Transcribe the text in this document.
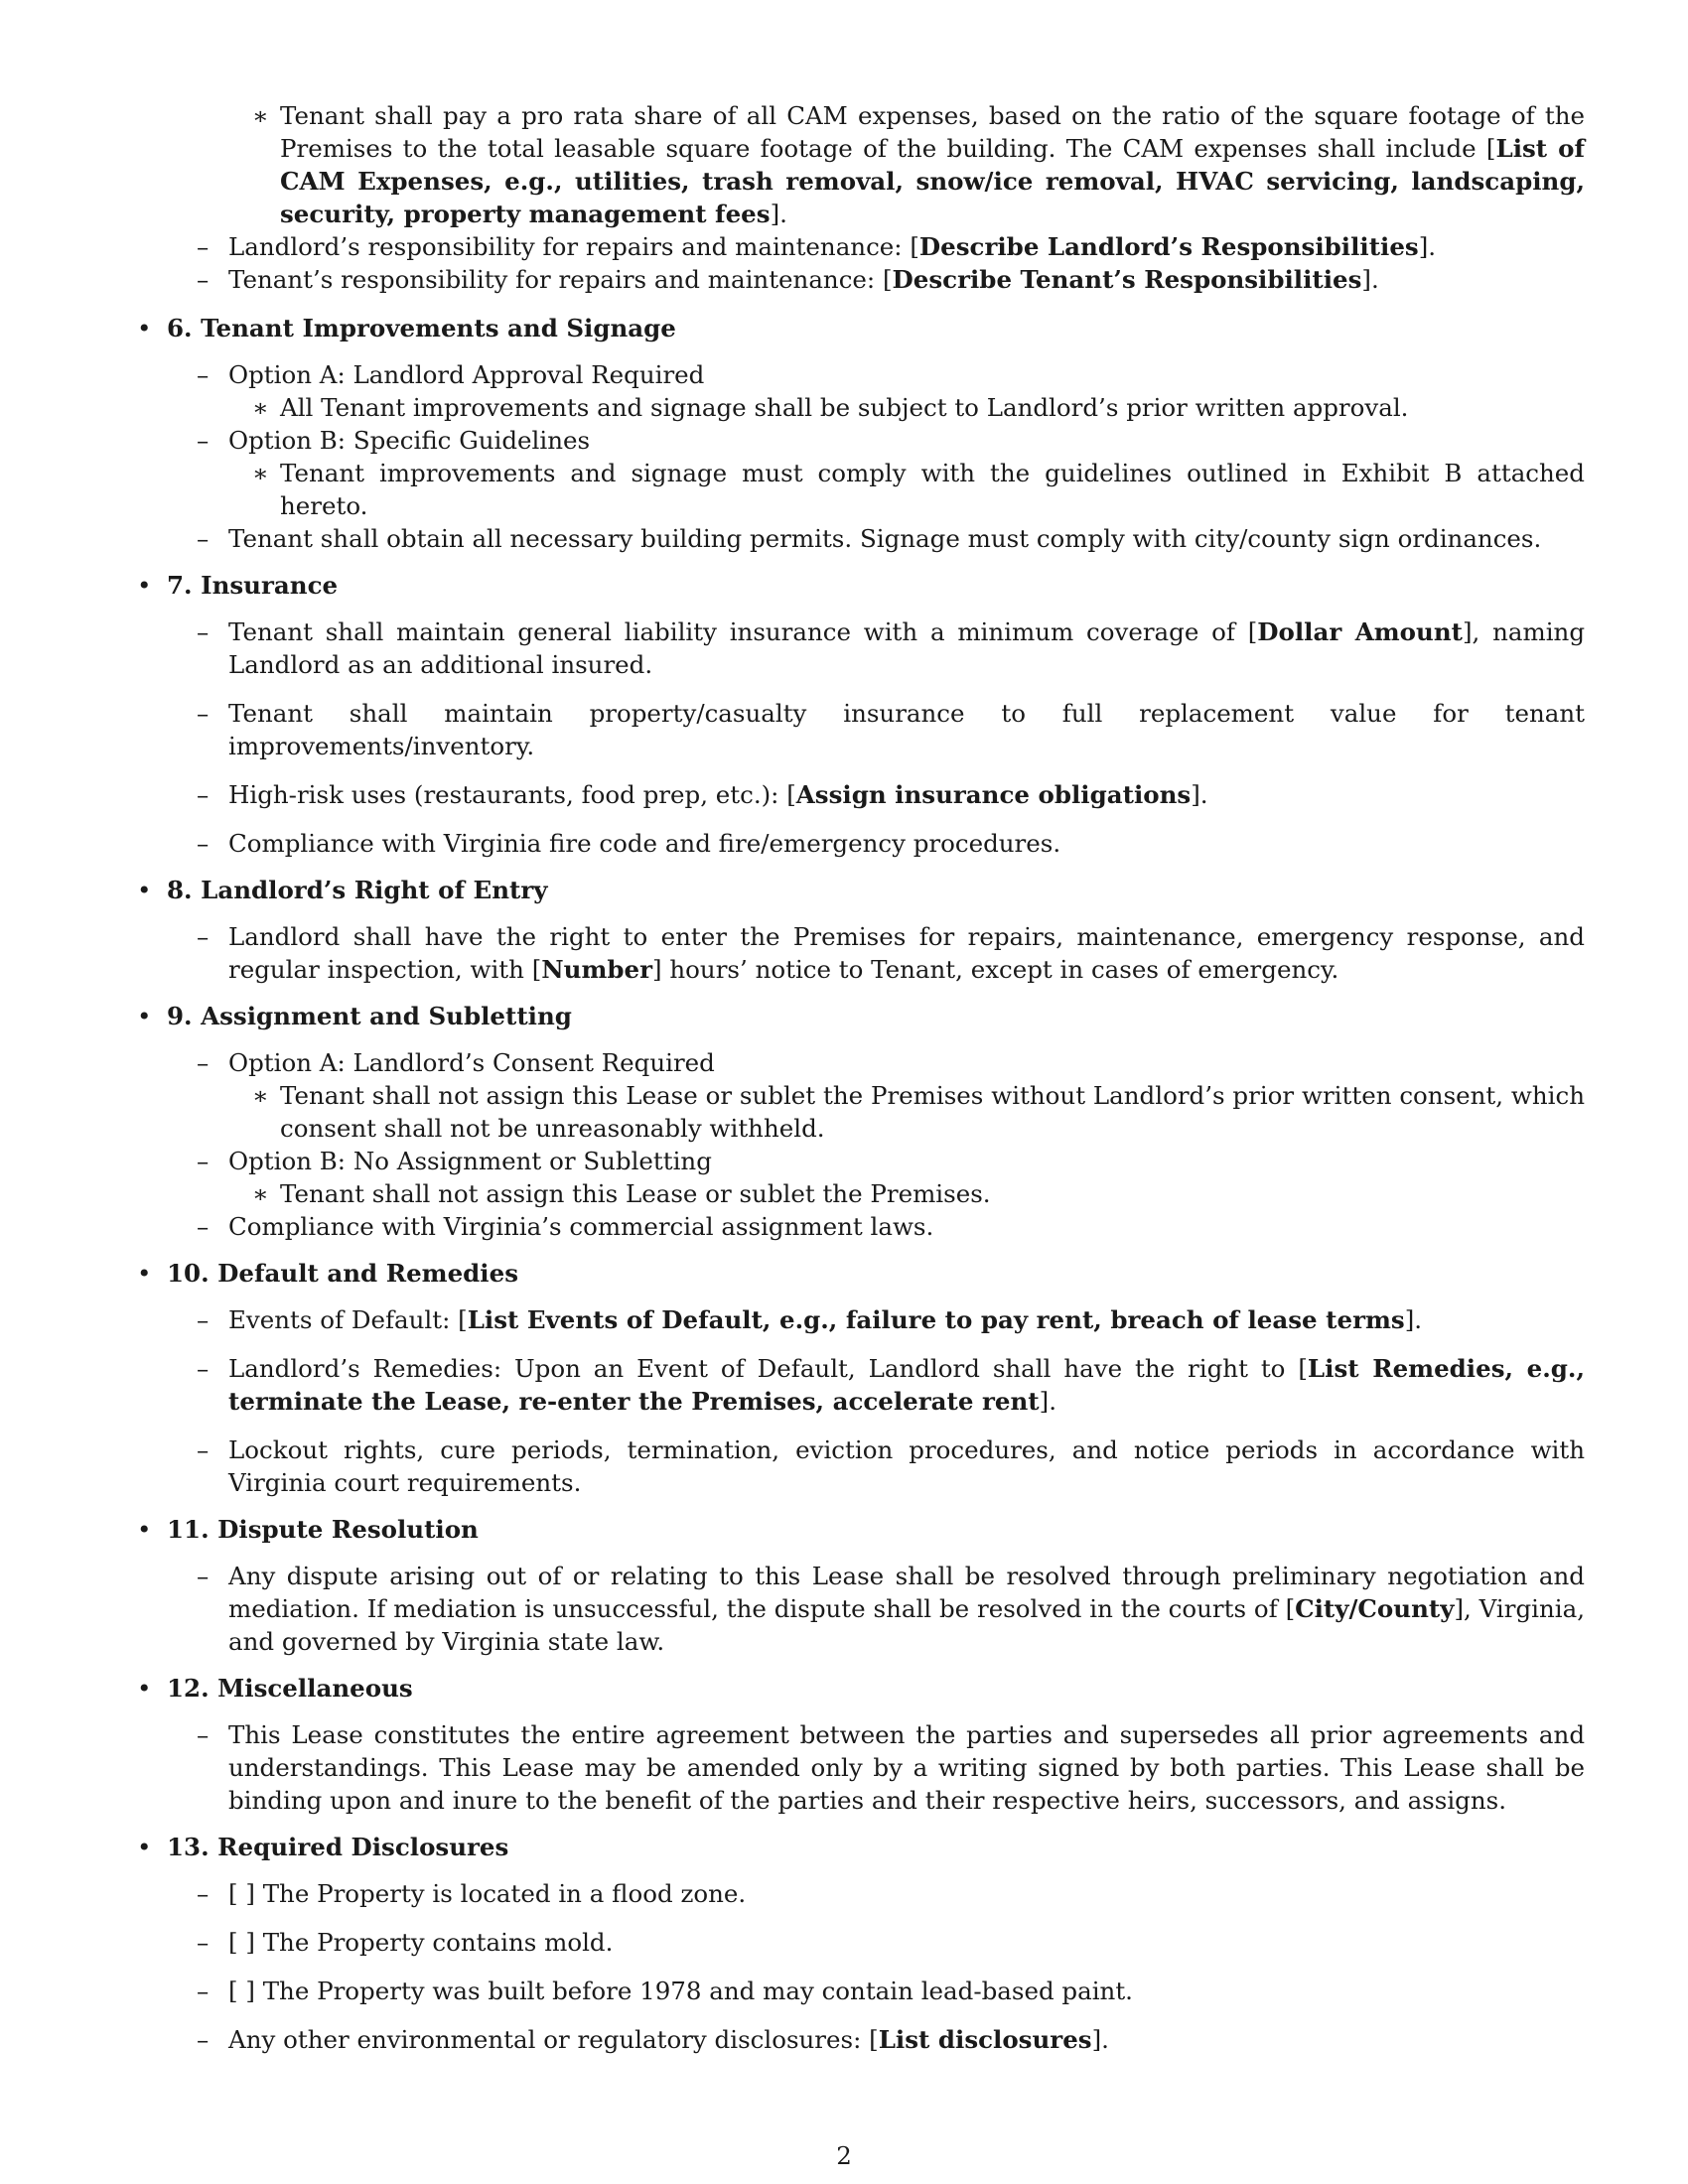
∗ Tenant shall pay a pro rata share of all CAM expenses, based on the ratio of the square footage of the Premises to the total leasable square footage of the building. The CAM expenses shall include [List of CAM Expenses, e.g., utilities, trash removal, snow/ice removal, HVAC servicing, landscaping, security, property management fees].
– Landlord’s responsibility for repairs and maintenance: [Describe Landlord’s Responsibilities].
– Tenant’s responsibility for repairs and maintenance: [Describe Tenant’s Responsibilities].
• 6. Tenant Improvements and Signage
– Option A: Landlord Approval Required
∗ All Tenant improvements and signage shall be subject to Landlord’s prior written approval.
– Option B: Specific Guidelines
∗ Tenant improvements and signage must comply with the guidelines outlined in Exhibit B attached hereto.
– Tenant shall obtain all necessary building permits. Signage must comply with city/county sign ordinances.
• 7. Insurance
– Tenant shall maintain general liability insurance with a minimum coverage of [Dollar Amount], naming Landlord as an additional insured.
– Tenant shall maintain property/casualty insurance to full replacement value for tenant improvements/inventory.
– High-risk uses (restaurants, food prep, etc.): [Assign insurance obligations].
– Compliance with Virginia fire code and fire/emergency procedures.
• 8. Landlord’s Right of Entry
– Landlord shall have the right to enter the Premises for repairs, maintenance, emergency response, and regular inspection, with [Number] hours’ notice to Tenant, except in cases of emergency.
• 9. Assignment and Subletting
– Option A: Landlord’s Consent Required
∗ Tenant shall not assign this Lease or sublet the Premises without Landlord’s prior written consent, which consent shall not be unreasonably withheld.
– Option B: No Assignment or Subletting
∗ Tenant shall not assign this Lease or sublet the Premises.
– Compliance with Virginia’s commercial assignment laws.
• 10. Default and Remedies
– Events of Default: [List Events of Default, e.g., failure to pay rent, breach of lease terms].
– Landlord’s Remedies: Upon an Event of Default, Landlord shall have the right to [List Remedies, e.g., terminate the Lease, re-enter the Premises, accelerate rent].
– Lockout rights, cure periods, termination, eviction procedures, and notice periods in accordance with Virginia court requirements.
• 11. Dispute Resolution
– Any dispute arising out of or relating to this Lease shall be resolved through preliminary negotiation and mediation. If mediation is unsuccessful, the dispute shall be resolved in the courts of [City/County], Virginia, and governed by Virginia state law.
• 12. Miscellaneous
– This Lease constitutes the entire agreement between the parties and supersedes all prior agreements and understandings. This Lease may be amended only by a writing signed by both parties. This Lease shall be binding upon and inure to the benefit of the parties and their respective heirs, successors, and assigns.
• 13. Required Disclosures
– [ ] The Property is located in a flood zone.
– [ ] The Property contains mold.
– [ ] The Property was built before 1978 and may contain lead-based paint.
– Any other environmental or regulatory disclosures: [List disclosures].
2
